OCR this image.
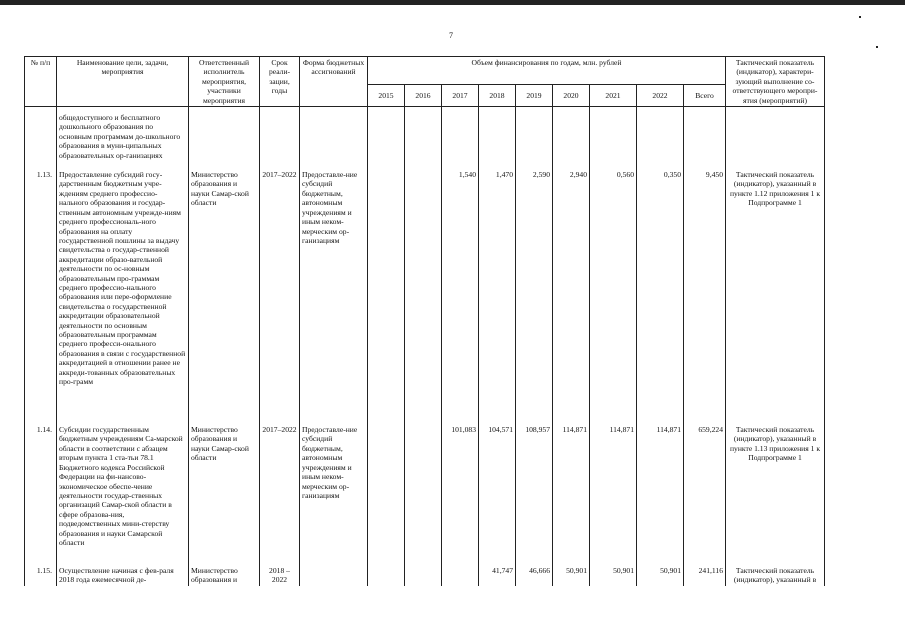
7
№ п/п	Наименование цели, задачи, мероприятия	Ответственный исполнитель мероприятия, участники мероприятия	Срок реали-зации, годы	Форма бюджетных ассигнований	Объем финансирования по годам, млн. рублей									Тактический показатель (индикатор), характери-зующий выполнение со-ответствующего меропри-ятия (мероприятий)
					2015	2016	2017	2018	2019	2020	2021	2022	Всего	
	общедоступного и бесплатного дошкольного образования по основным программам до-школьного образования в муни-ципальных образовательных ор-ганизациях													
1.13.	Предоставление субсидий госу-дарственным бюджетным учре-ждениям среднего профессио-нального образования и государ-ственным автономным учрежде-ниям среднего профессиональ-ного образования на оплату государственной пошлины за выдачу свидетельства о государ-ственной аккредитации образо-вательной деятельности по ос-новным образовательным про-граммам среднего профессио-нального образования или пере-оформление свидетельства о государственной аккредитации образовательной деятельности по основным образовательным программам среднего професси-онального образования в связи с государственной аккредитацией в отношении ранее не аккреди-тованных образовательных про-грамм	Министерство образования и науки Самар-ской области	2017–2022	Предоставле-ние субсидий бюджетным, автономным учреждениям и иным неком-мерческим ор-ганизациям			1,540	1,470	2,590	2,940	0,560	0,350	9,450	Тактический показатель (индикатор), указанный в пункте 1.12 приложения 1 к Подпрограмме 1
1.14.	Субсидии государственным бюджетным учреждениям Са-марской области в соответствии с абзацем вторым пункта 1 ста-тьи 78.1 Бюджетного кодекса Российской Федерации на фи-нансово-экономическое обеспе-чение деятельности государ-ственных организаций Самар-ской области в сфере образова-ния, подведомственных мини-стерству образования и науки Самарской области	Министерство образования и науки Самар-ской области	2017–2022	Предоставле-ние субсидий бюджетным, автономным учреждениям и иным неком-мерческим ор-ганизациям			101,083	104,571	108,957	114,871	114,871	114,871	659,224	Тактический показатель (индикатор), указанный в пункте 1.13 приложения 1 к Подпрограмме 1
1.15.	Осуществление начиная с фев-раля 2018 года ежемесячной де-	Министерство образования и	2018 – 2022					41,747	46,666	50,901	50,901	50,901	241,116	Тактический показатель (индикатор), указанный в
